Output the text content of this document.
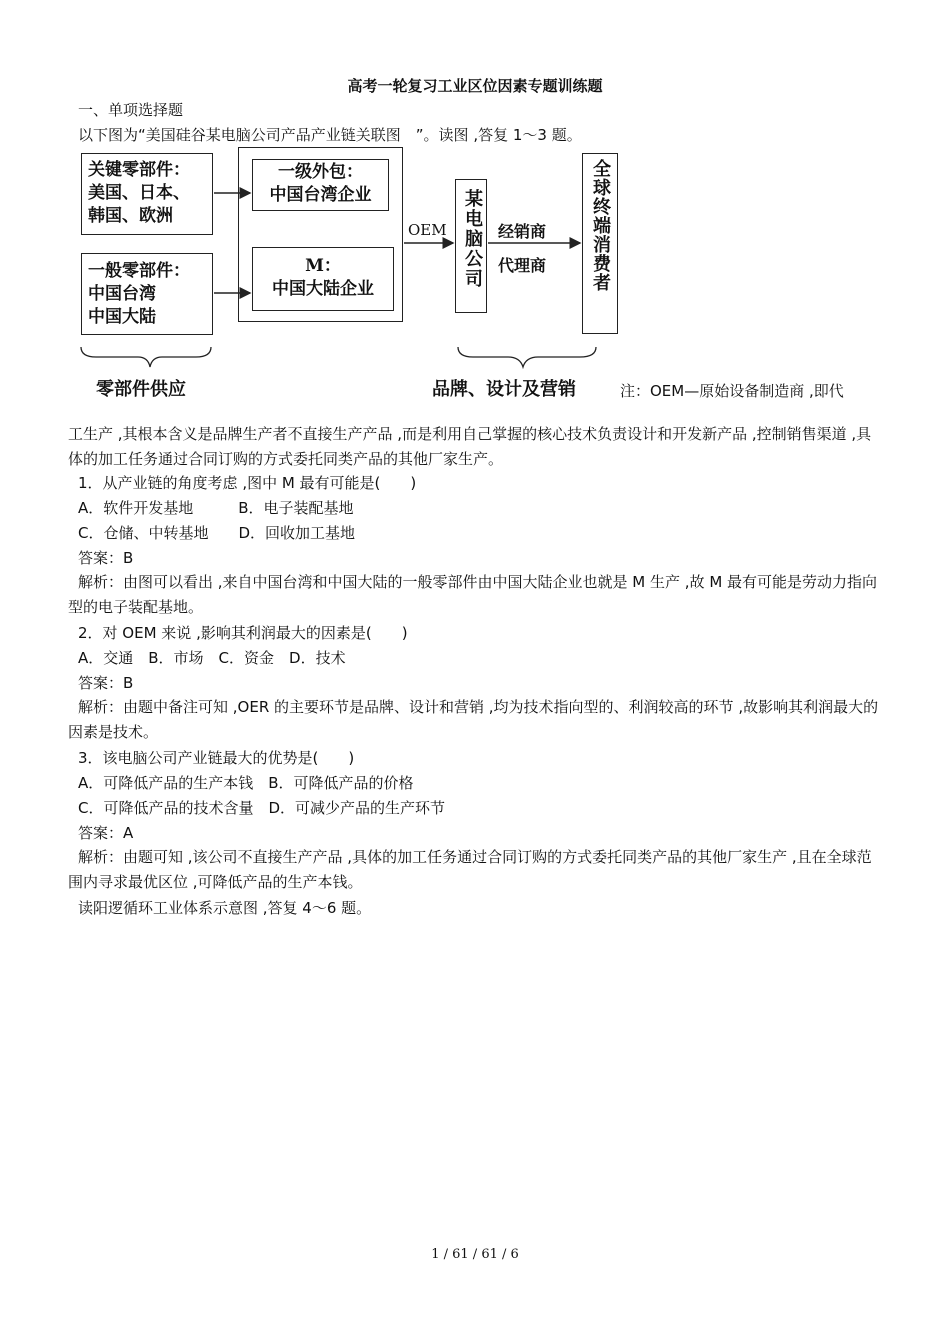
高考一轮复习工业区位因素专题训练题
一、单项选择题
以下图为“美国硅谷某电脑公司产品产业链关联图　”。读图 ,答复 1～3 题。
关键零部件：
美国、日本、
韩国、欧洲
一般零部件：
中国台湾
中国大陆
一级外包：
中国台湾企业
M：
中国大陆企业
OEM 某电脑公司 经销商
代理商 全球终端消费者
零部件供应	品牌、设计及营销	注：OEM—原始设备制造商 ,即代
工生产 ,其根本含义是品牌生产者不直接生产产品 ,而是利用自己掌握的核心技术负责设计和开发新产品 ,控制销售渠道 ,具体的加工任务通过合同订购的方式委托同类产品的其他厂家生产。
1．从产业链的角度考虑 ,图中 M 最有可能是(　　)
A．软件开发基地　　　B．电子装配基地
C．仓储、中转基地　　D．回收加工基地
答案：B
解析：由图可以看出 ,来自中国台湾和中国大陆的一般零部件由中国大陆企业也就是 M 生产 ,故 M 最有可能是劳动力指向型的电子装配基地。
2．对 OEM 来说 ,影响其利润最大的因素是(　　)
A．交通　B．市场　C．资金　D．技术
答案：B
解析：由题中备注可知 ,OER 的主要环节是品牌、设计和营销 ,均为技术指向型的、利润较高的环节 ,故影响其利润最大的因素是技术。
3．该电脑公司产业链最大的优势是(　　)
A．可降低产品的生产本钱　B．可降低产品的价格
C．可降低产品的技术含量　D．可减少产品的生产环节
答案：A
解析：由题可知 ,该公司不直接生产产品 ,具体的加工任务通过合同订购的方式委托同类产品的其他厂家生产 ,且在全球范围内寻求最优区位 ,可降低产品的生产本钱。
读阳逻循环工业体系示意图 ,答复 4～6 题。
1 / 61 / 61 / 6
